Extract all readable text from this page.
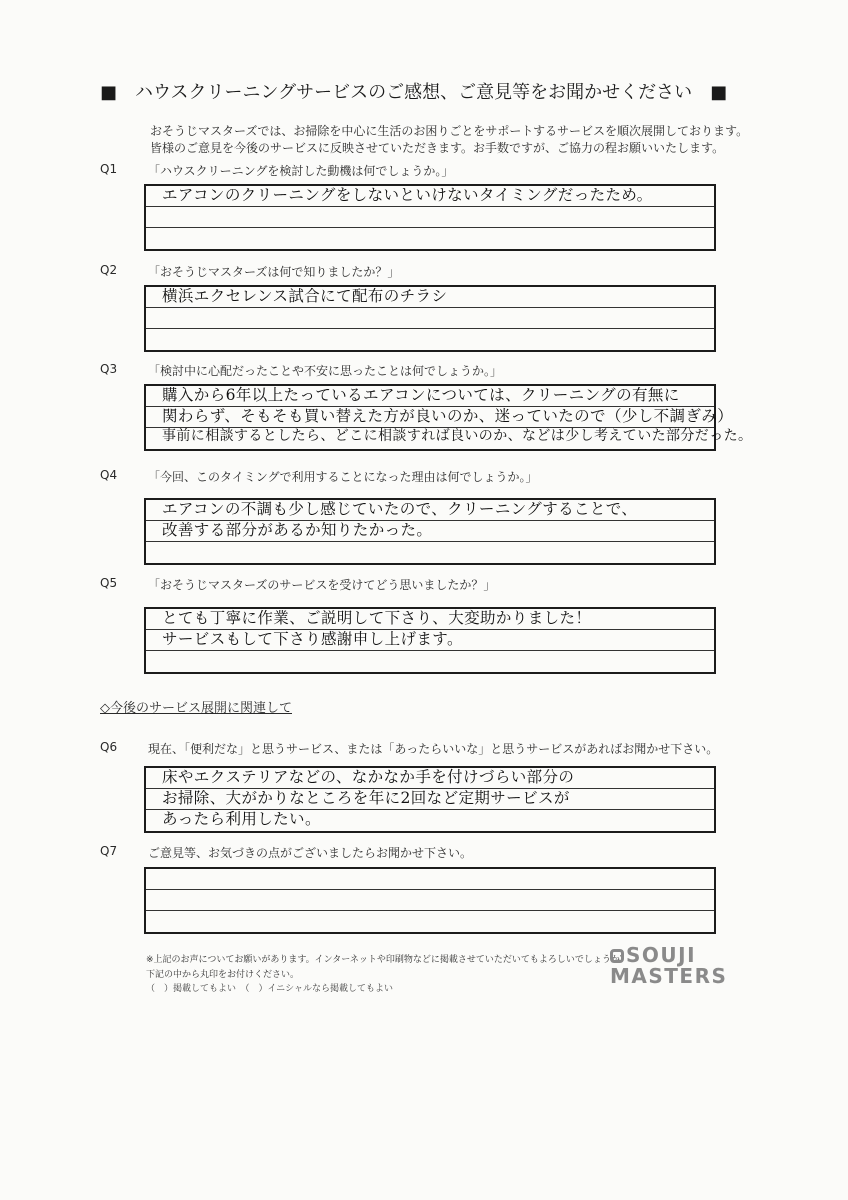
■　ハウスクリーニングサービスのご感想、ご意見等をお聞かせください　■
おそうじマスターズでは、お掃除を中心に生活のお困りごとをサポートするサービスを順次展開しております。
皆様のご意見を今後のサービスに反映させていただきます。お手数ですが、ご協力の程お願いいたします。
Q1	「ハウスクリーニングを検討した動機は何でしょうか。」
エアコンのクリーニングをしないといけないタイミングだったため。
Q2	「おそうじマスターズは何で知りましたか？」
横浜エクセレンス試合にて配布のチラシ
Q3	「検討中に心配だったことや不安に思ったことは何でしょうか。」
購入から6年以上たっているエアコンについては、クリーニングの有無に
関わらず、そもそも買い替えた方が良いのか、迷っていたので（少し不調ぎみ）
事前に相談するとしたら、どこに相談すれば良いのか、などは少し考えていた部分だった。
Q4	「今回、このタイミングで利用することになった理由は何でしょうか。」
エアコンの不調も少し感じていたので、クリーニングすることで、
改善する部分があるか知りたかった。
Q5	「おそうじマスターズのサービスを受けてどう思いましたか？」
とても丁寧に作業、ご説明して下さり、大変助かりました！
サービスもして下さり感謝申し上げます。
◇今後のサービス展開に関連して
Q6	現在、「便利だな」と思うサービス、または「あったらいいな」と思うサービスがあればお聞かせ下さい。
床やエクステリアなどの、なかなか手を付けづらい部分の
お掃除、大がかりなところを年に2回など定期サービスが
あったら利用したい。
Q7	ご意見等、お気づきの点がございましたらお聞かせ下さい。
※上記のお声についてお願いがあります。インターネットや印刷物などに掲載させていただいてもよろしいでしょうか？
下記の中から丸印をお付けください。
（　）掲載してもよい　（　）イニシャルなら掲載してもよい
SOUJI
MASTERS
